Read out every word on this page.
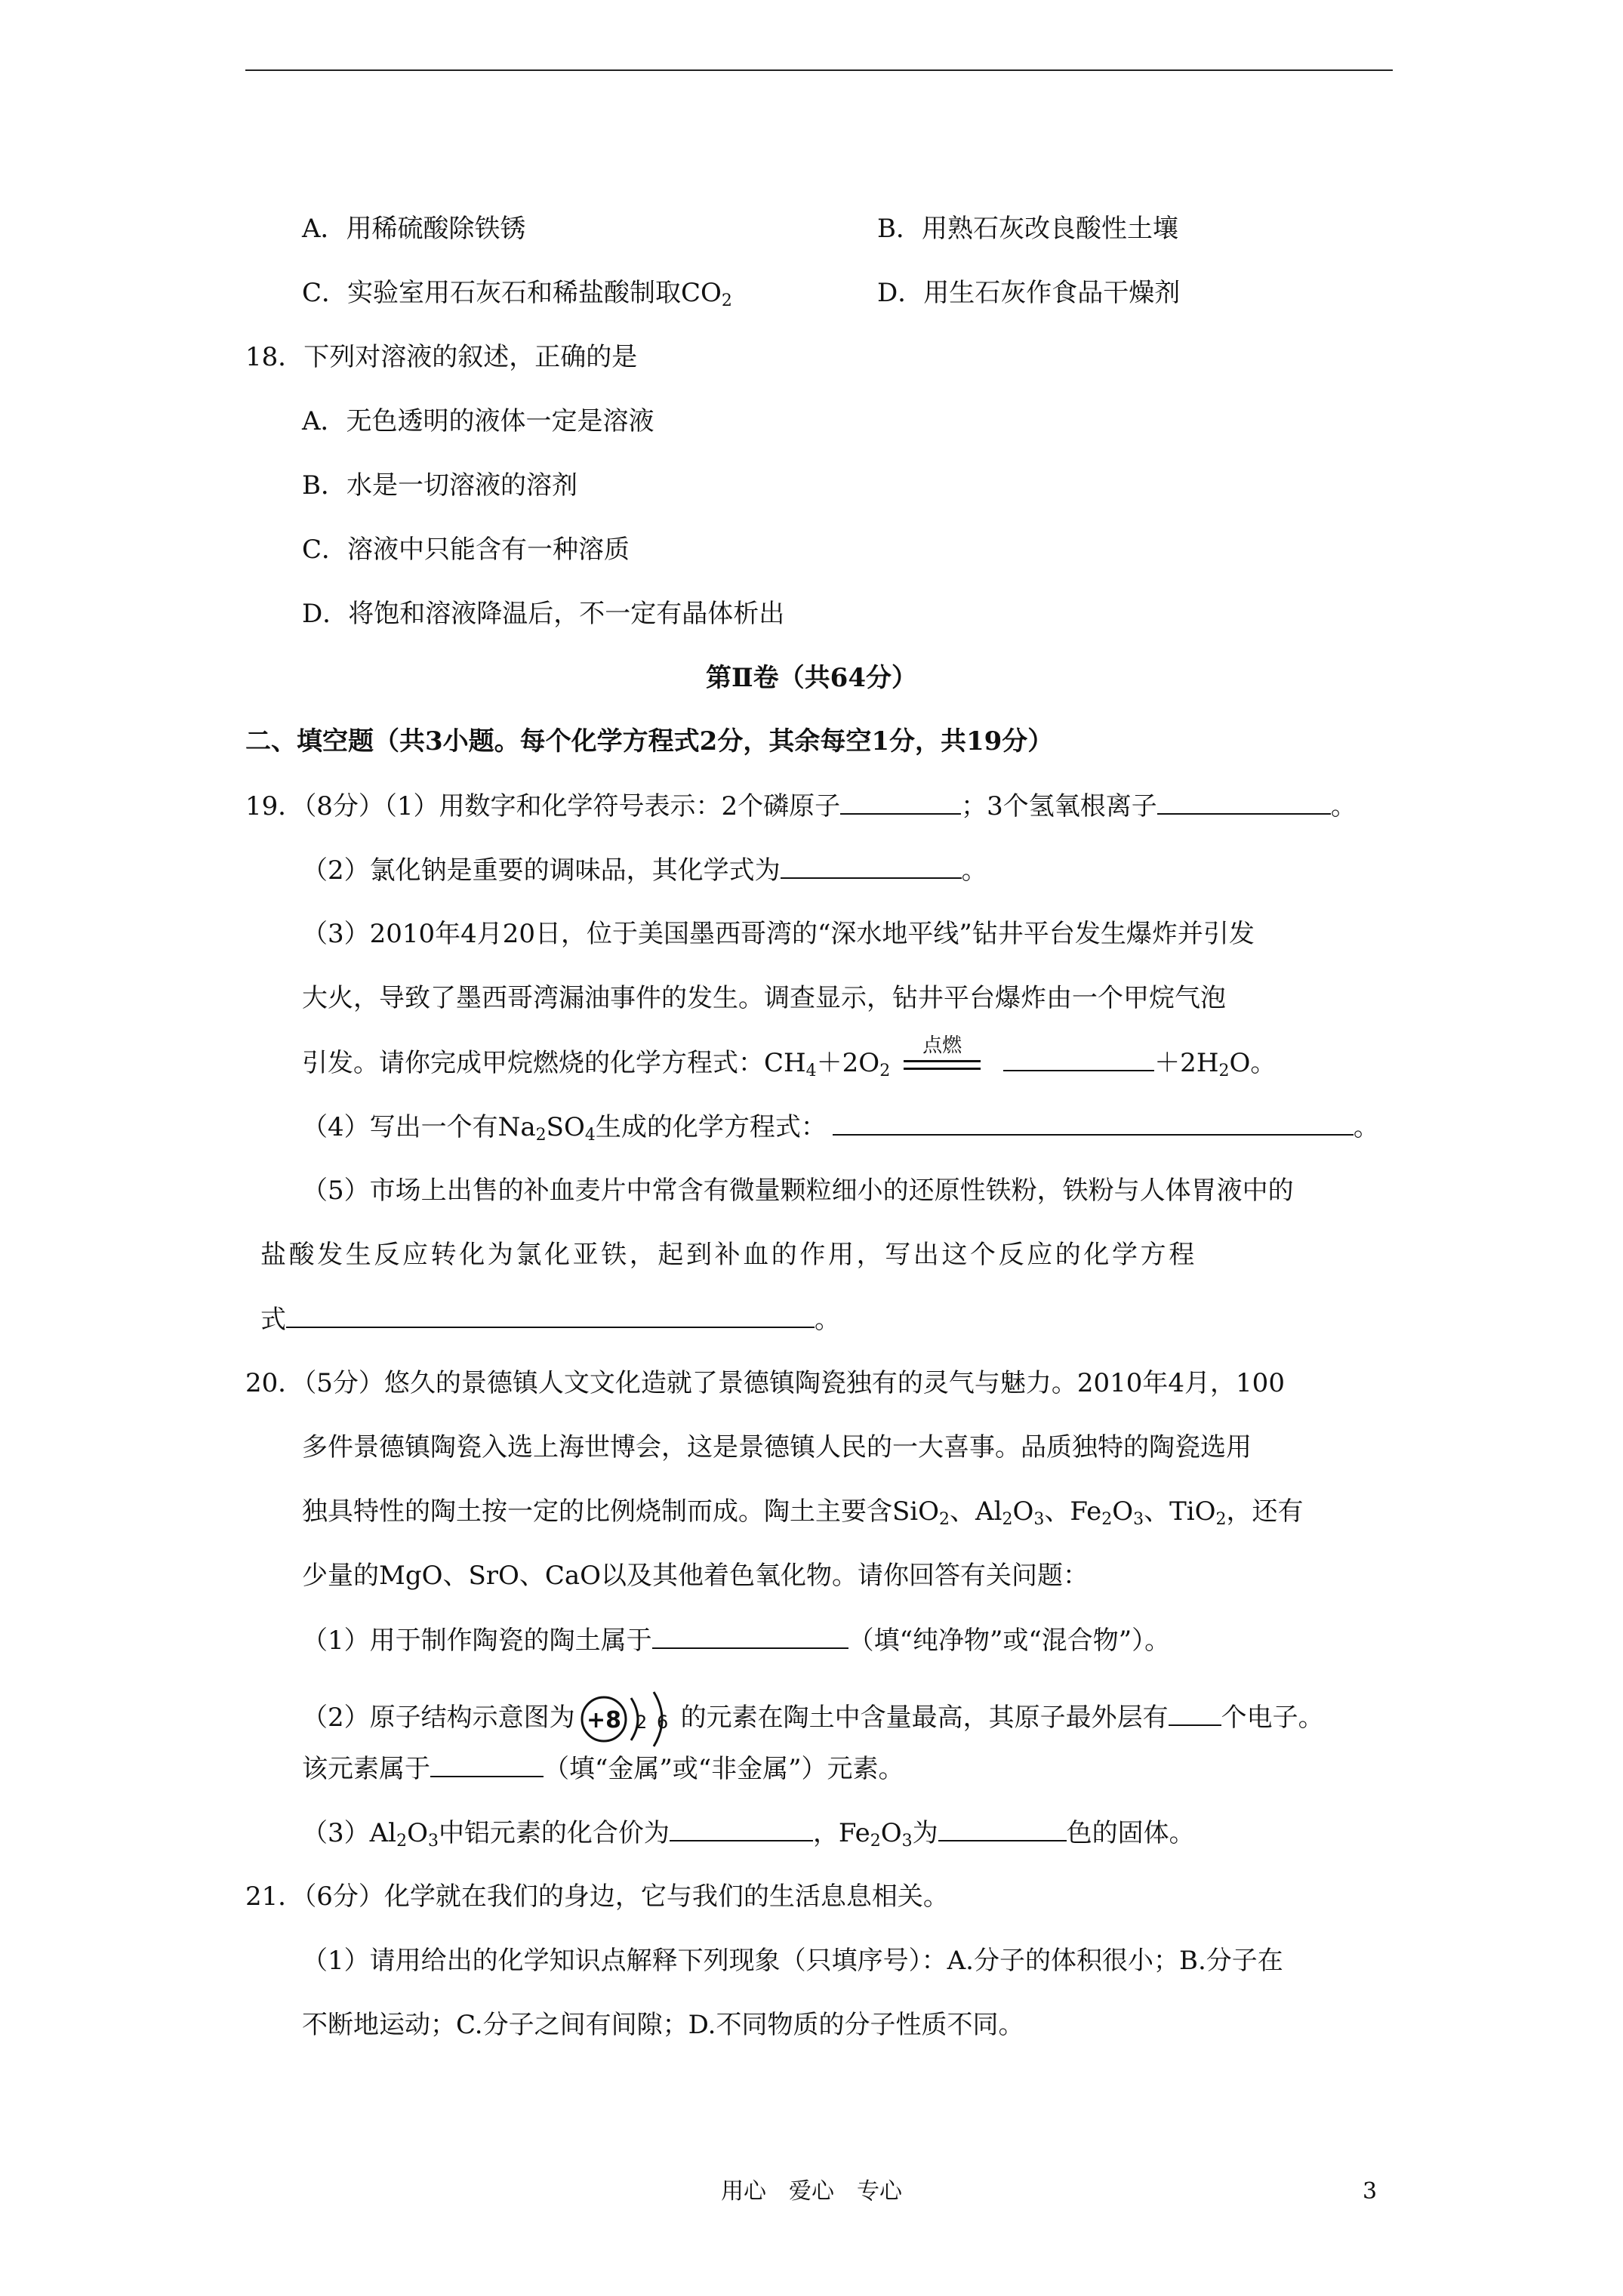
A．用稀硫酸除铁锈	B．用熟石灰改良酸性土壤
C．实验室用石灰石和稀盐酸制取$CO_2$	D．用生石灰作食品干燥剂
18．下列对溶液的叙述，正确的是
A．无色透明的液体一定是溶液
B．水是一切溶液的溶剂
C．溶液中只能含有一种溶质
D．将饱和溶液降温后，不一定有晶体析出
第Ⅱ卷（共64分）
二、填空题（共3小题。每个化学方程式2分，其余每空1分，共19分）
19．（8分）（1）用数字和化学符号表示：2个磷原子	；3个氢氧根离子	。
（2）氯化钠是重要的调味品，其化学式为	。
（3）2010年4月20日，位于美国墨西哥湾的“深水地平线”钻井平台发生爆炸并引发
大火，导致了墨西哥湾漏油事件的发生。调查显示，钻井平台爆炸由一个甲烷气泡
引发。请你完成甲烷燃烧的化学方程式：$CH_4+2O_2$
点燃
$+2H_2O$。
（4）写出一个有$Na_2SO_4$生成的化学方程式：	。
（5）市场上出售的补血麦片中常含有微量颗粒细小的还原性铁粉，铁粉与人体胃液中的
盐酸发生反应转化为氯化亚铁，起到补血的作用，写出这个反应的化学方程
式	。
20．（5分）悠久的景德镇人文文化造就了景德镇陶瓷独有的灵气与魅力。2010年4月，100
多件景德镇陶瓷入选上海世博会，这是景德镇人民的一大喜事。品质独特的陶瓷选用
独具特性的陶土按一定的比例烧制而成。陶土主要含SiO$_2$、$Al_2O_3$、$Fe_2O_3$、TiO$_2$，还有
少量的MgO、SrO、CaO以及其他着色氧化物。请你回答有关问题：
（1）用于制作陶瓷的陶土属于	（填“纯净物”或“混合物”）。
（2）原子结构示意图为 +8 2 6 的元素在陶土中含量最高，其原子最外层有 个电子。
该元素属于	（填“金属”或“非金属”）元素。
$(3)Al_2O_3$中铝元素的化合价为	，$Fe_2O_3$为	色的固体。
21．（6分）化学就在我们的身边，它与我们的生活息息相关。
（1）请用给出的化学知识点解释下列现象（只填序号）：A.分子的体积很小；B.分子在
不断地运动；C.分子之间有间隙；D.不同物质的分子性质不同。
用心　爱心　专心	3
